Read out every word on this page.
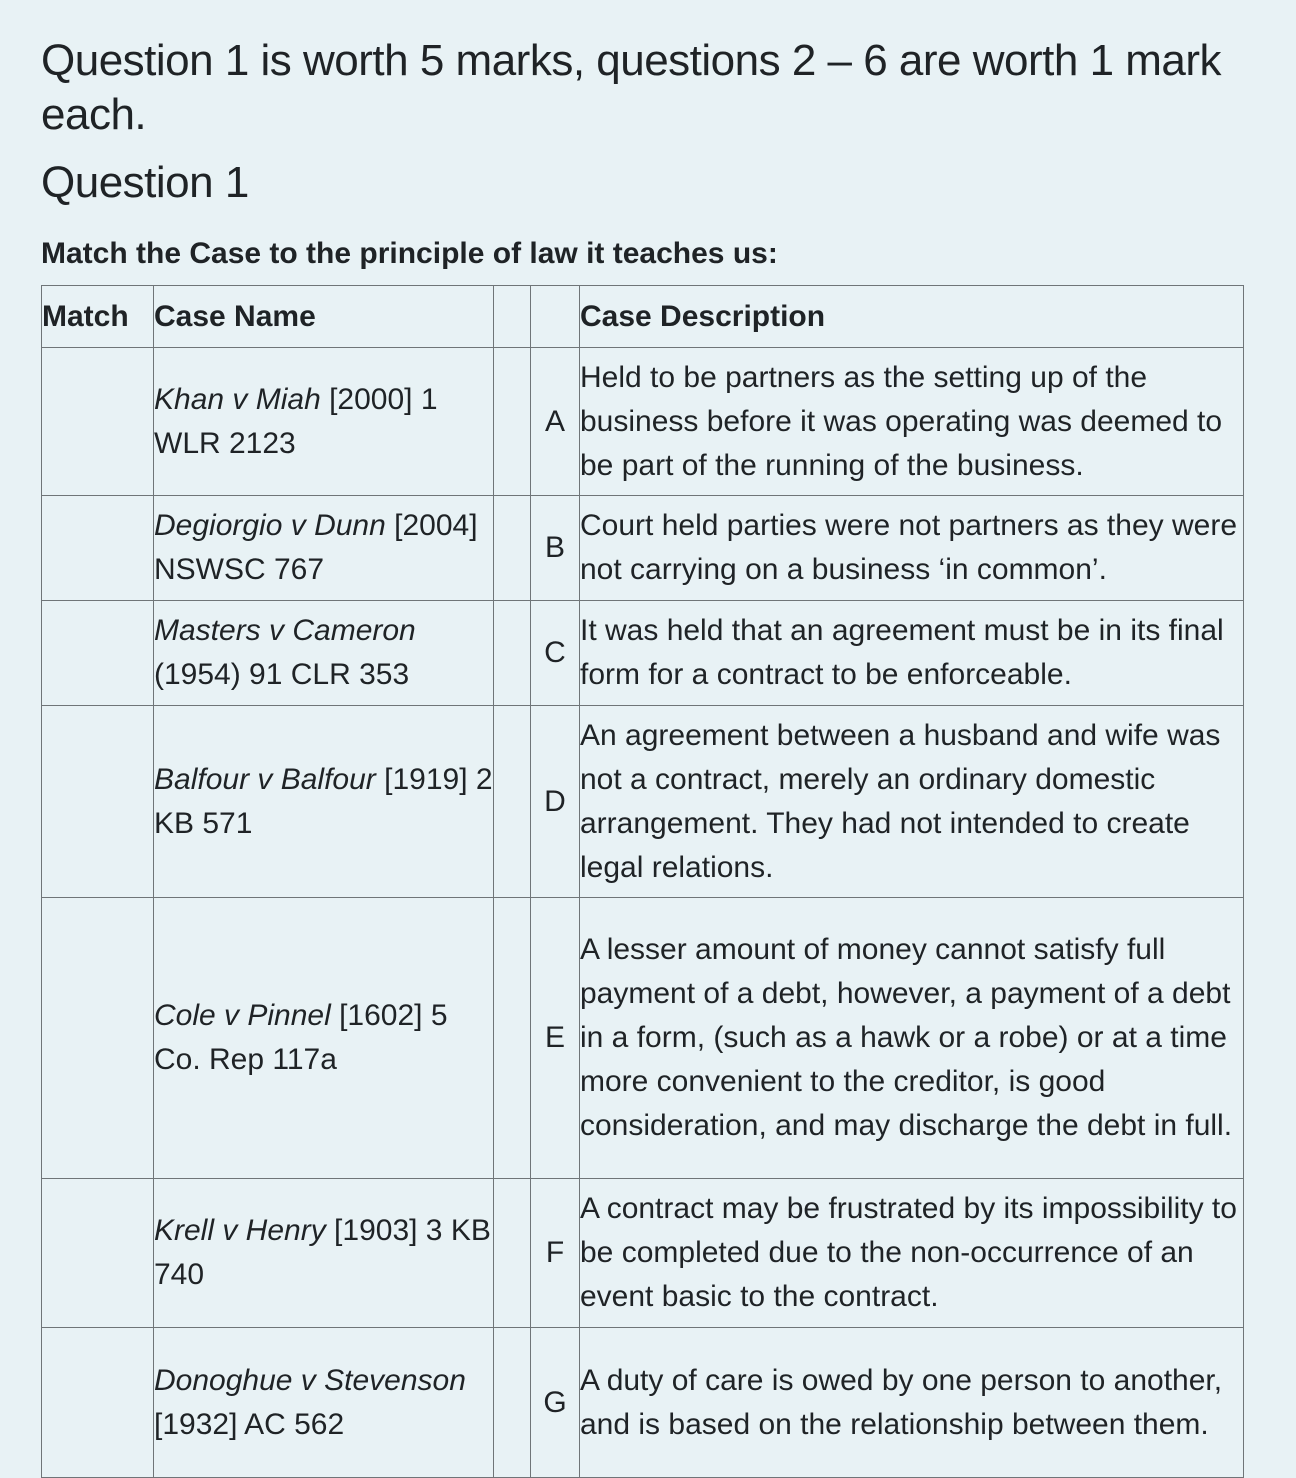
Question 1 is worth 5 marks, questions 2 – 6 are worth 1 mark each.

Question 1

Match the Case to the principle of law it teaches us:

Match	Case Name			Case Description
	Khan v Miah [2000] 1 WLR 2123		A	Held to be partners as the setting up of the business before it was operating was deemed to be part of the running of the business.
	Degiorgio v Dunn [2004] NSWSC 767		B	Court held parties were not partners as they were not carrying on a business ‘in common’.
	Masters v Cameron (1954) 91 CLR 353		C	It was held that an agreement must be in its final form for a contract to be enforceable.
	Balfour v Balfour [1919] 2 KB 571		D	An agreement between a husband and wife was not a contract, merely an ordinary domestic arrangement. They had not intended to create legal relations.
	Cole v Pinnel [1602] 5 Co. Rep 117a		E	A lesser amount of money cannot satisfy full payment of a debt, however, a payment of a debt in a form, (such as a hawk or a robe) or at a time more convenient to the creditor, is good consideration, and may discharge the debt in full.
	Krell v Henry [1903] 3 KB 740		F	A contract may be frustrated by its impossibility to be completed due to the non-occurrence of an event basic to the contract.
	Donoghue v Stevenson [1932] AC 562		G	A duty of care is owed by one person to another, and is based on the relationship between them.
